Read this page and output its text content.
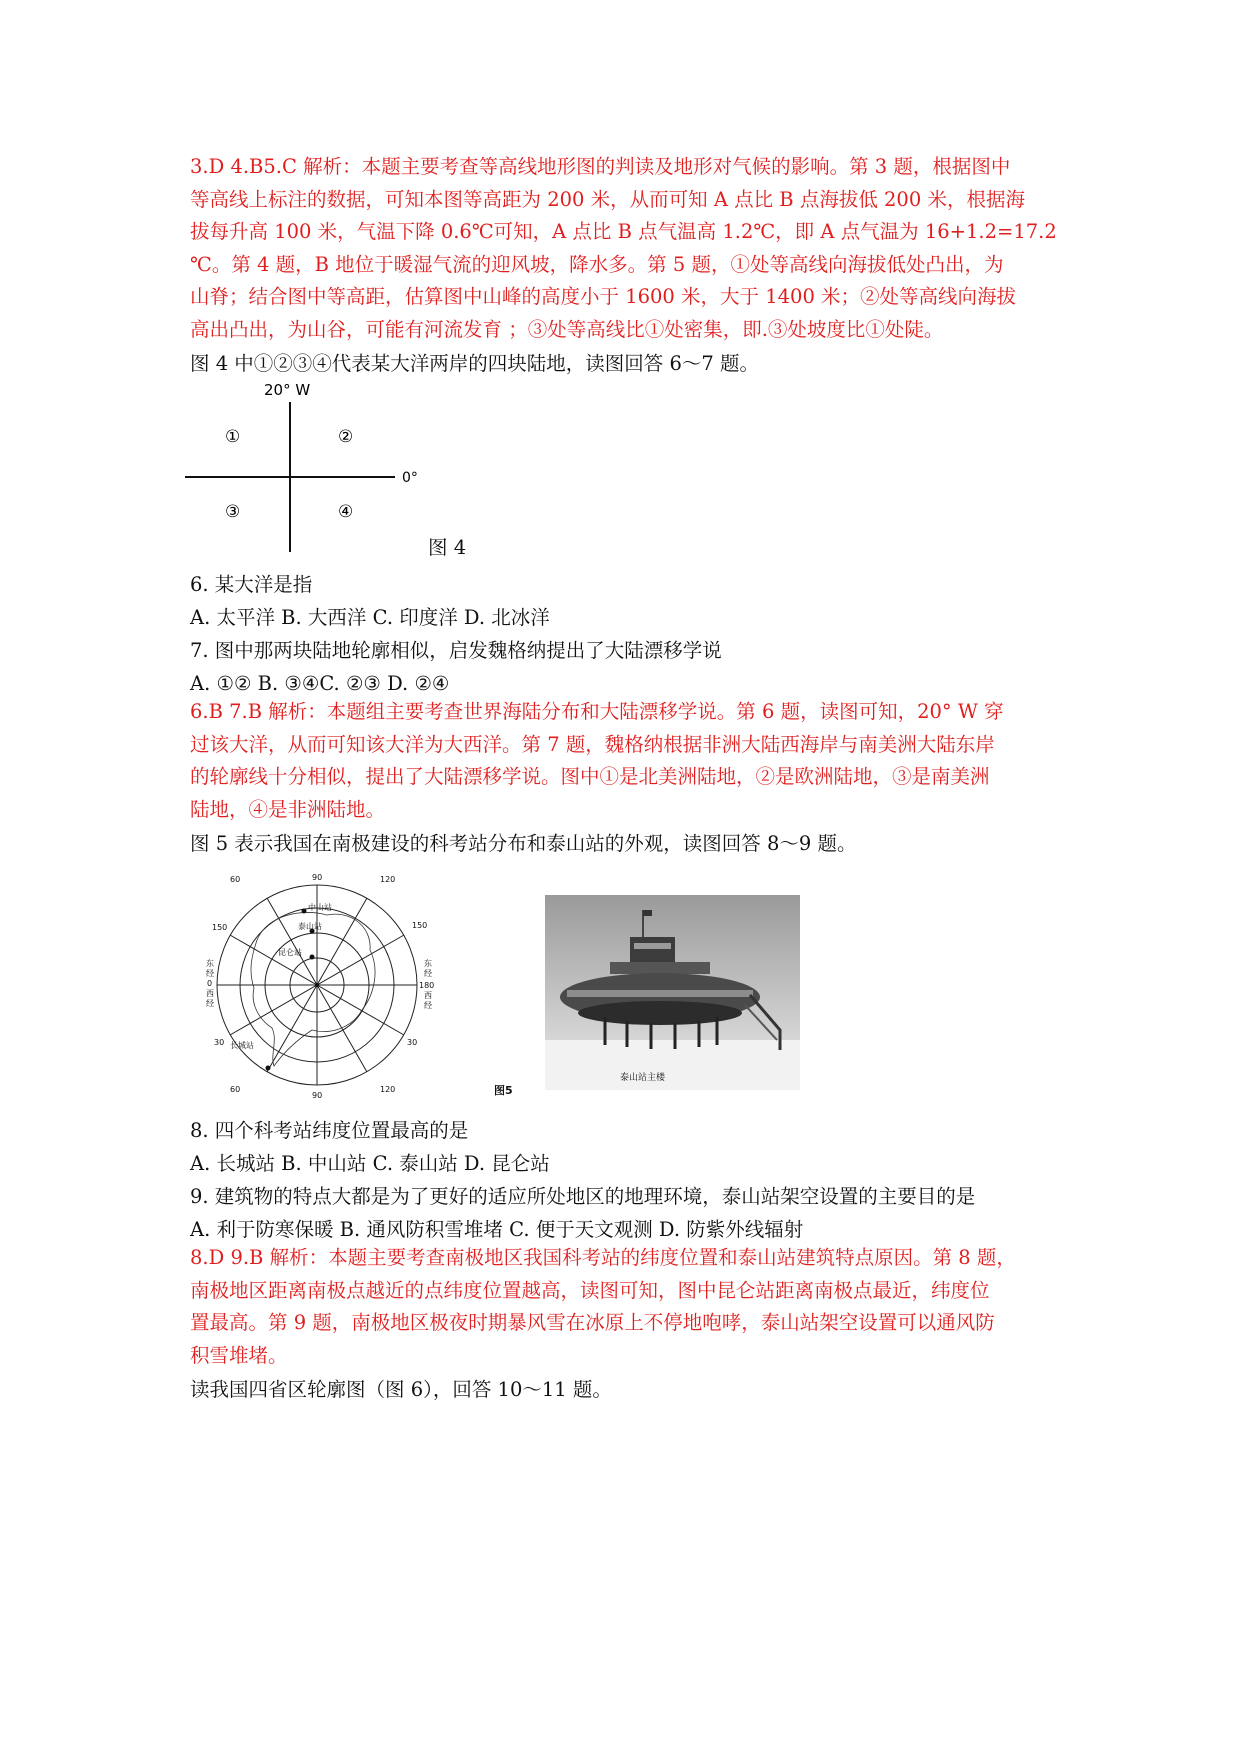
3.D 4.B5.C 解析：本题主要考查等高线地形图的判读及地形对气候的影响。第 3 题，根据图中
等高线上标注的数据，可知本图等高距为 200 米，从而可知 A 点比 B 点海拔低 200 米，根据海
拔每升高 100 米，气温下降 0.6℃可知，A 点比 B 点气温高 1.2℃，即 A 点气温为 16+1.2=17.2
℃。第 4 题，B 地位于暖湿气流的迎风坡，降水多。第 5 题，①处等高线向海拔低处凸出，为
山脊；结合图中等高距，估算图中山峰的高度小于 1600 米，大于 1400 米；②处等高线向海拔
高出凸出，为山谷，可能有河流发育 ；③处等高线比①处密集，即.③处坡度比①处陡。
图 4 中①②③④代表某大洋两岸的四块陆地，读图回答 6～7 题。
20° W
0°
①	②
③	④
图 4
6. 某大洋是指
A. 太平洋 B. 大西洋 C. 印度洋 D. 北冰洋
7. 图中那两块陆地轮廓相似，启发魏格纳提出了大陆漂移学说
A. ①② B. ③④C. ②③ D. ②④
6.B 7.B 解析：本题组主要考查世界海陆分布和大陆漂移学说。第 6 题，读图可知，20° W 穿
过该大洋，从而可知该大洋为大西洋。第 7 题，魏格纳根据非洲大陆西海岸与南美洲大陆东岸
的轮廓线十分相似，提出了大陆漂移学说。图中①是北美洲陆地，②是欧洲陆地，③是南美洲
陆地，④是非洲陆地。
图 5 表示我国在南极建设的科考站分布和泰山站的外观，读图回答 8～9 题。
60	90	120
150
180
150
30	30
60
90
120
东
经
0
西
经
东
经
西
经
中山站
泰山站
昆仑站
长城站
图5
泰山站主楼
8. 四个科考站纬度位置最高的是
A. 长城站 B. 中山站 C. 泰山站 D. 昆仑站
9. 建筑物的特点大都是为了更好的适应所处地区的地理环境，泰山站架空设置的主要目的是
A. 利于防寒保暖 B. 通风防积雪堆堵 C. 便于天文观测 D. 防紫外线辐射
8.D 9.B 解析：本题主要考查南极地区我国科考站的纬度位置和泰山站建筑特点原因。第 8 题，
南极地区距离南极点越近的点纬度位置越高，读图可知，图中昆仑站距离南极点最近，纬度位
置最高。第 9 题，南极地区极夜时期暴风雪在冰原上不停地咆哮，泰山站架空设置可以通风防
积雪堆堵。
读我国四省区轮廓图（图 6），回答 10～11 题。
